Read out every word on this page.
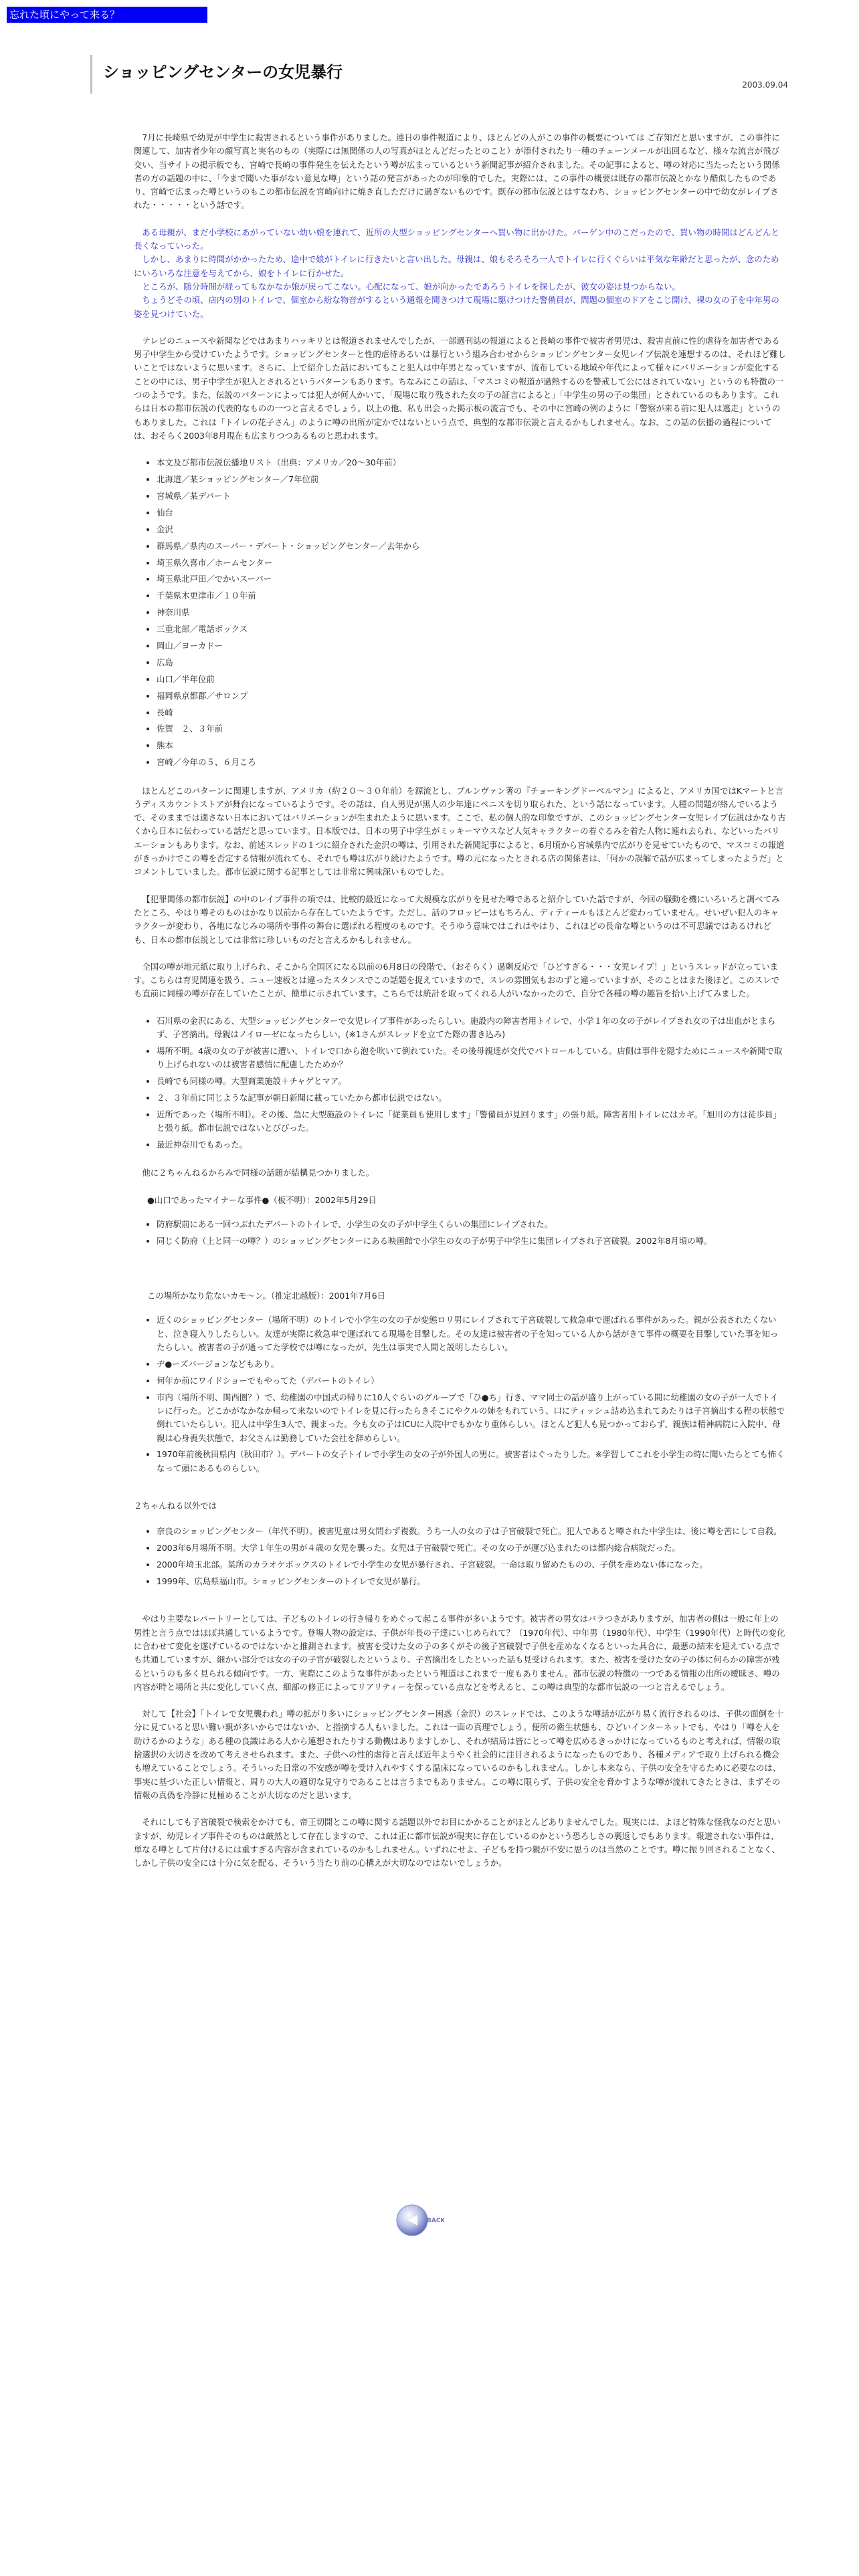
忘れた頃にやって来る？
ショッピングセンターの女児暴行
2003.09.04

7月に長崎県で幼児が中学生に殺害されるという事件がありました。連日の事件報道により、ほとんどの人がこの事件の概要については ご存知だと思いますが、この事件に関連して、加害者少年の顔写真と実名のもの（実際には無関係の人の写真がほとんどだったとのこと）が添付されたり一種のチェーンメールが出回るなど、様々な流言が飛び交い、当サイトの掲示板でも、宮崎で長崎の事件発生を伝えたという噂が広まっているという新聞記事が紹介されました。その記事によると、噂の対応に当たったという関係者の方の話題の中に、「今まで聞いた事がない意見な噂」という話の発言があったのが印象的でした。実際には、この事件の概要は既存の都市伝説とかなり酷似したものであり、宮崎で広まった噂というのもこの都市伝説を宮崎向けに焼き直しただけに過ぎないものです。既存の都市伝説とはすなわち、ショッピングセンターの中で幼女がレイプされた・・・・・という話です。

ある母親が、まだ小学校にあがっていない幼い娘を連れて、近所の大型ショッピングセンターへ買い物に出かけた。バーゲン中のこだったので、買い物の時間はどんどんと長くなっていった。

しかし、あまりに時間がかかったため、途中で娘がトイレに行きたいと言い出した。母親は、娘もそろそろ一人でトイレに行くぐらいは平気な年齢だと思ったが、念のためにいろいろな注意を与えてから、娘をトイレに行かせた。

ところが、随分時間が経ってもなかなか娘が戻ってこない。心配になって、娘が向かったであろうトイレを探したが、彼女の姿は見つからない。

ちょうどその頃、店内の別のトイレで、個室から紛な物音がするという通報を聞きつけて現場に駆けつけた警備員が、問題の個室のドアをこじ開け、裸の女の子を中年男の姿を見つけていた。

テレビのニュースや新聞などではあまりハッキリとは報道されませんでしたが、一部週刊誌の報道によると長崎の事件で被害者男児は、殺害直前に性的虐待を加害者である男子中学生から受けていたようです。ショッピングセンターと性的虐待あるいは暴行という組み合わせからショッピングセンター女児レイプ伝説を連想するのは、それほど難しいことではないように思います。さらに、上で紹介した話においてもこと犯人は中年男となっていますが、流布している地域や年代によって様々にバリエーションが変化することの中には、男子中学生が犯人とされるというパターンもあります。ちなみにこの話は、「マスコミの報道が過熱するのを警戒して公にはされていない」というのも特徴の一つのようです。また、伝説のパターンによっては犯人が何人かいて、「現場に取り残された女の子の証言によると」「中学生の男の子の集団」とされているのもあります。これらは日本の都市伝説の代表的なものの一つと言えるでしょう。以上の他、私も出会った掲示板の流言でも、その中に宮崎の例のように「警察が来る前に犯人は逃走」というのもありました。これは「トイレの花子さん」のように噂の出所が定かではないという点で、典型的な都市伝説と言えるかもしれません。なお、この話の伝播の過程については、おそらく2003年8月現在も広まりつつあるものと思われます。

• 本文及び都市伝説伝播地リスト（出典：アメリカ／20〜30年前）
• 北海道／某ショッピングセンター／7年位前
• 宮城県／某デパート
• 仙台
• 金沢
• 群馬県／県内のスーパー・デパート・ショッピングセンター／去年から
• 埼玉県久喜市／ホームセンター
• 埼玉県北戸田／でかいスーパー
• 千葉県木更津市／１０年前
• 神奈川県
• 三重北部／電話ボックス
• 岡山／ヨーカドー
• 広島
• 山口／半年位前
• 福岡県京都郡／サロンプ
• 長崎
• 佐賀　２、３年前
• 熊本
• 宮崎／今年の５、６月ころ

ほとんどこのパターンに関連しますが、アメリカ（約２０〜３０年前）を源流とし、ブルンヴァン著の『チョーキングドーベルマン』によると、アメリカ国ではKマートと言うディスカウントストアが舞台になっているようです。その話は、白人男児が黒人の少年達にペニスを切り取られた、という話になっています。人種の問題が絡んでいるようで、そのままでは適さない日本においてはバリエーションが生まれたように思います。ここで、私の個人的な印象ですが、このショッピングセンター女児レイプ伝説はかなり古くから日本に伝わっている話だと思っています。日本版では、日本の男子中学生がミッキーマウスなど人気キャラクターの着ぐるみを着た人物に連れ去られ、などいったバリエーションもあります。なお、前述スレッドの１つに紹介された金沢の噂は、引用された新聞記事によると、6月頃から宮城県内で広がりを見せていたもので、マスコミの報道がきっかけでこの噂を否定する情報が流れても、それでも噂は広がり続けたようです。噂の元になったとされる店の関係者は、「何かの誤解で話が広まってしまったようだ」とコメントしていました。都市伝説に関する記事としては非常に興味深いものでした。

【犯罪関係の都市伝説】の中のレイプ事件の項では、比較的最近になって大規模な広がりを見せた噂であると紹介していた話ですが、今回の騒動を機にいろいろと調べてみたところ、やはり噂そのものはかなり以前から存在していたようです。ただし、話のフロッピーはもちろん、ディティールもほとんど変わっていません。せいぜい犯人のキャラクターが変わり、各地になじみの場所や事件の舞台に選ばれる程度のものです。そうゆう意味ではこれはやはり、これほどの長命な噂というのは不可思議ではあるけれども、日本の都市伝説としては非常に珍しいものだと言えるかもしれません。

全国の噂が地元紙に取り上げられ、そこから全国区になる以前の6月8日の段階で、（おそらく）過剰反応で「ひどすぎる・・・女児レイプ！」というスレッドが立っています。こちらは育児関連を扱う、ニュー速板とは違ったスタンスでこの話題を捉えていますので、スレの雰囲気もおのずと違っていますが、そのことはまた後ほど。このスレでも直前に同様の噂が存在していたことが、簡単に示されています。こちらでは統計を取ってくれる人がいなかったので、自分で各種の噂の趣旨を拾い上げてみました。

• 石川県の金沢にある、大型ショッピングセンターで女児レイプ事件があったらしい。施設内の障害者用トイレで、小学１年の女の子がレイプされ女の子は出血がとまらず、子宮摘出。母親はノイローゼになったらしい。(※1さんがスレッドを立てた際の書き込み)
• 場所不明。4歳の女の子が被害に遭い、トイレで口から泡を吹いて倒れていた。その後母親達が交代でパトロールしている。店側は事件を隠すためにニュースや新聞で取り上げられないのは被害者感情に配慮したためか？
• 長崎でも同様の噂。大型商業施設＋チャゲとマア。
• ２、３年前に同じような記事が朝日新聞に載っていたから都市伝説ではない。
• 近所であった（場所不明）。その後、急に大型施設のトイレに「従業員も使用します」「警備員が見回ります」の張り紙。障害者用トイレにはカギ。「旭川の方は徒歩員」と張り紙。都市伝説ではないとびびった。
• 最近神奈川でもあった。

他に２ちゃんねるからみで同様の話題が結構見つかりました。

●山口であったマイナーな事件●（板不明）：2002年5月29日
• 防府駅前にある一回つぶれたデパートのトイレで、小学生の女の子が中学生くらいの集団にレイプされた。
• 同じく防府（上と同一の噂？）のショッピングセンターにある映画館で小学生の女の子が男子中学生に集団レイプされ子宮破裂。2002年8月頃の噂。
この場所かなり危ないカモ〜ン。（推定北越版）：2001年7月6日
• 近くのショッピングセンター（場所不明）のトイレで小学生の女の子が変態ロリ男にレイプされて子宮破裂して救急車で運ばれる事件があった。親が公表されたくないと、泣き寝入りしたらしい。友達が実際に救急車で運ばれてる現場を目撃した。その友達は被害者の子を知っている人から話がきて事件の概要を目撃していた事を知ったらしい。被害者の子が通ってた学校では噂になったが、先生は事実で人間と説明したらしい。
• ヂ●ーズバージョンなどもあり。
• 何年か前にワイドショーでもやってた（デパートのトイレ）
• 市内（場所不明、関西圏？）で、幼稚園の中国式の帰りに10人ぐらいのグループで「ひ●ち」行き、ママ同士の話が盛り上がっている間に幼稚園の女の子が一人でトイレに行った。どこかがなかなか帰って来ないのでトイレを見に行ったらきそこにやクルの姉をもれていう、口にティッシュ詰め込まれてあたりは子宮摘出する程の状態で倒れていたらしい。犯人は中学生3人で、親まった。今も女の子はICUに入院中でもかなり重体らしい。ほとんど犯人も見つかっておらず、親族は精神病院に入院中、母親は心身喪失状態で、お父さんは勤務していた会社を辞めらしい。
• 1970年前後秋田県内（秋田市？）。デパートの女子トイレで小学生の女の子が外国人の男に。被害者はぐったりした。※学習してこれを小学生の時に聞いたらとても怖くなって頭にあるものらしい。
２ちゃんねる以外では
• 奈良のショッピングセンター（年代不明）。被害児童は男女問わず複数。うち一人の女の子は子宮破裂で死亡。犯人であると噂された中学生は、後に噂を苦にして自殺。
• 2003年6月場所不明。大学１年生の男が４歳の女児を襲った。女児は子宮破裂で死亡。その女の子が運び込まれたのは都内総合病院だった。
• 2000年埼玉北部。某所のカラオケボックスのトイレで小学生の女児が暴行され、子宮破裂。一命は取り留めたものの、子供を産めない体になった。
• 1999年、広島県福山市。ショッピングセンターのトイレで女児が暴行。

やはり主要なレパートリーとしては、子どものトイレの行き帰りをめぐって起こる事件が多いようです。被害者の男女はバラつきがありますが、加害者の側は一般に年上の男性と言う点ではほぼ共通しているようです。登場人物の設定は、子供が年長の子達にいじめられて？（1970年代）、中年男（1980年代）、中学生（1990年代）と時代の変化に合わせて変化を遂げているのではないかと推測されます。被害を受けた女の子の多くがその後子宮破裂で子供を産めなくなるといった具合に、最悪の結末を迎えている点でも共通していますが、細かい部分では女の子の子宮が破裂したというより、子宮摘出をしたといった話も見受けられます。また、被害を受けた女の子の体に何らかの障害が残るというのも多く見られる傾向です。一方、実際にこのような事件があったという報道はこれまで一度もありません。都市伝説の特徴の一つである情報の出所の曖昧さ、噂の内容が時と場所と共に変化していく点、細部の修正によってリアリティーを保っている点などを考えると、この噂は典型的な都市伝説の一つと言えるでしょう。

対して【社会】「トイレで女児襲われ」噂の拡がり多いにショッピングセンター困惑（金沢）のスレッドでは、このような噂話が広がり易く流行されるのは、子供の面倒を十分に見ていると思い難い親が多いからではないか、と指摘する人もいました。これは一面の真理でしょう。便所の衛生状態も、ひどいインターネットでも、やはり「噂を人を助けるかのような」ある種の良識はある人から連想されたりする動機はありますしかし、それが結局は皆にとって噂を広めるきっかけになっているものと考えれば、情報の取捨選択の大切さを改めて考えさせられます。また、子供への性的虐待と言えば近年ようやく社会的に注目されるようになったものであり、各種メディアで取り上げられる機会も増えていることでしょう。そういった日常の不安感が噂を受け入れやすくする温床になっているのかもしれません。しかし本来なら、子供の安全を守るために必要なのは、事実に基づいた正しい情報と、周りの大人の適切な見守りであることは言うまでもありません。この噂に限らず、子供の安全を脅かすような噂が流れてきたときは、まずその情報の真偽を冷静に見極めることが大切なのだと思います。

それにしても子宮破裂で検索をかけても、帝王切開とこの噂に関する話題以外でお目にかかることがほとんどありませんでした。現実には、よほど特殊な怪我なのだと思いますが、幼児レイプ事件そのものは厳然として存在しますので、これは正に都市伝説が現実に存在しているのかという恐ろしさの裏返しでもあります。報道されない事件は、単なる噂として片付けるには重すぎる内容が含まれているのかもしれません。いずれにせよ、子どもを持つ親が不安に思うのは当然のことです。噂に振り回されることなく、しかし子供の安全には十分に気を配る、そういう当たり前の心構えが大切なのではないでしょうか。

BACK
